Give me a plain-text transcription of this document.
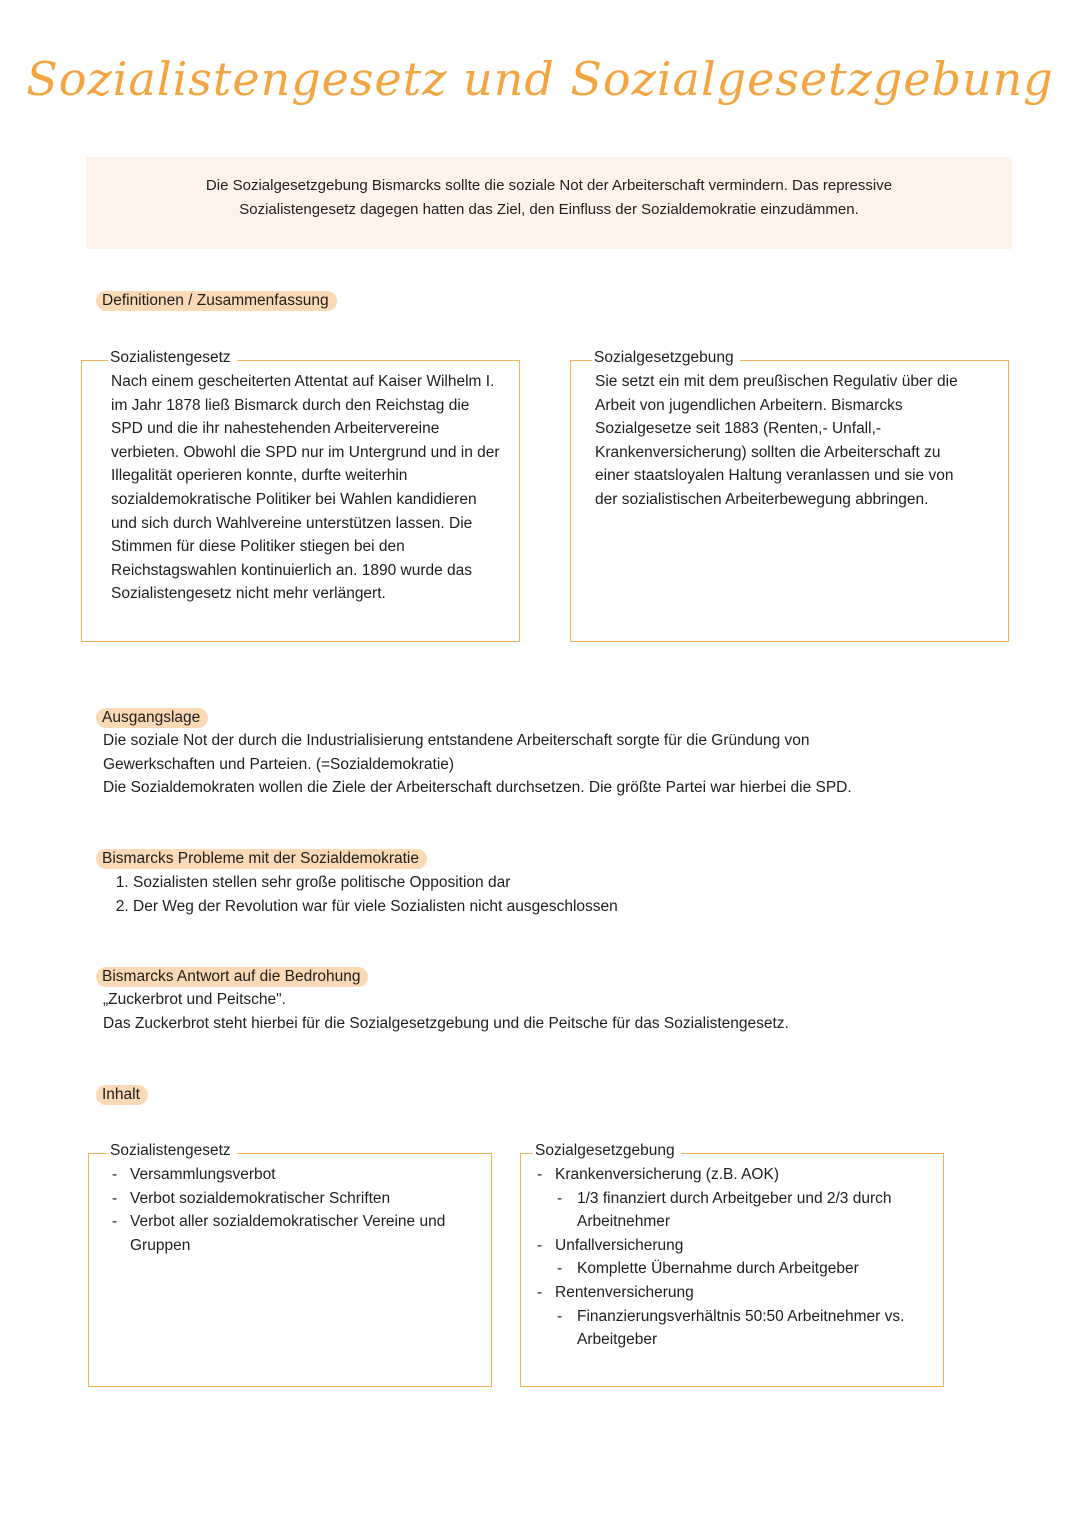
Sozialistengesetz und Sozialgesetzgebung
Die Sozialgesetzgebung Bismarcks sollte die soziale Not der Arbeiterschaft vermindern. Das repressive
Sozialistengesetz dagegen hatten das Ziel, den Einfluss der Sozialdemokratie einzudämmen.
Definitionen / Zusammenfassung
Sozialistengesetz
Nach einem gescheiterten Attentat auf Kaiser Wilhelm I. im Jahr 1878 ließ Bismarck durch den Reichstag die SPD und die ihr nahestehenden Arbeitervereine verbieten. Obwohl die SPD nur im Untergrund und in der Illegalität operieren konnte, durfte weiterhin sozialdemokratische Politiker bei Wahlen kandidieren und sich durch Wahlvereine unterstützen lassen. Die Stimmen für diese Politiker stiegen bei den Reichstagswahlen kontinuierlich an. 1890 wurde das Sozialistengesetz nicht mehr verlängert.
Sozialgesetzgebung
Sie setzt ein mit dem preußischen Regulativ über die Arbeit von jugendlichen Arbeitern. Bismarcks Sozialgesetze seit 1883 (Renten,- Unfall,- Krankenversicherung) sollten die Arbeiterschaft zu einer staatsloyalen Haltung veranlassen und sie von der sozialistischen Arbeiterbewegung abbringen.
Ausgangslage
Die soziale Not der durch die Industrialisierung entstandene Arbeiterschaft sorgte für die Gründung von
Gewerkschaften und Parteien. (=Sozialdemokratie)
Die Sozialdemokraten wollen die Ziele der Arbeiterschaft durchsetzen. Die größte Partei war hierbei die SPD.
Bismarcks Probleme mit der Sozialdemokratie
1. Sozialisten stellen sehr große politische Opposition dar
2. Der Weg der Revolution war für viele Sozialisten nicht ausgeschlossen
Bismarcks Antwort auf die Bedrohung
„Zuckerbrot und Peitsche".
Das Zuckerbrot steht hierbei für die Sozialgesetzgebung und die Peitsche für das Sozialistengesetz.
Inhalt
Sozialistengesetz
- Versammlungsverbot
- Verbot sozialdemokratischer Schriften
- Verbot aller sozialdemokratischer Vereine und Gruppen
Sozialgesetzgebung
- Krankenversicherung (z.B. AOK)
- 1/3 finanziert durch Arbeitgeber und 2/3 durch Arbeitnehmer
- Unfallversicherung
- Komplette Übernahme durch Arbeitgeber
- Rentenversicherung
- Finanzierungsverhältnis 50:50 Arbeitnehmer vs. Arbeitgeber
